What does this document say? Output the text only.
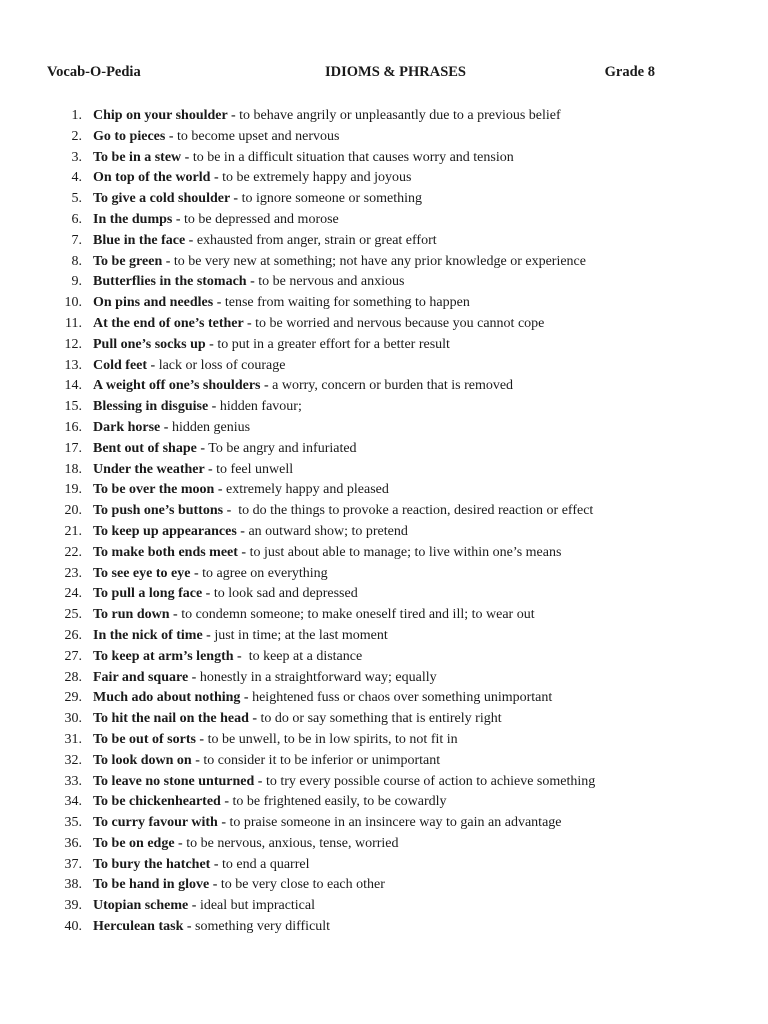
Vocab-O-Pedia	IDIOMS & PHRASES	Grade 8
1. Chip on your shoulder - to behave angrily or unpleasantly due to a previous belief
2. Go to pieces - to become upset and nervous
3. To be in a stew - to be in a difficult situation that causes worry and tension
4. On top of the world - to be extremely happy and joyous
5. To give a cold shoulder - to ignore someone or something
6. In the dumps - to be depressed and morose
7. Blue in the face - exhausted from anger, strain or great effort
8. To be green - to be very new at something; not have any prior knowledge or experience
9. Butterflies in the stomach - to be nervous and anxious
10. On pins and needles - tense from waiting for something to happen
11. At the end of one’s tether - to be worried and nervous because you cannot cope
12. Pull one’s socks up - to put in a greater effort for a better result
13. Cold feet - lack or loss of courage
14. A weight off one’s shoulders - a worry, concern or burden that is removed
15. Blessing in disguise - hidden favour;
16. Dark horse - hidden genius
17. Bent out of shape - To be angry and infuriated
18. Under the weather - to feel unwell
19. To be over the moon - extremely happy and pleased
20. To push one’s buttons -  to do the things to provoke a reaction, desired reaction or effect
21. To keep up appearances - an outward show; to pretend
22. To make both ends meet - to just about able to manage; to live within one’s means
23. To see eye to eye - to agree on everything
24. To pull a long face - to look sad and depressed
25. To run down - to condemn someone; to make oneself tired and ill; to wear out
26. In the nick of time - just in time; at the last moment
27. To keep at arm’s length -  to keep at a distance
28. Fair and square - honestly in a straightforward way; equally
29. Much ado about nothing - heightened fuss or chaos over something unimportant
30. To hit the nail on the head - to do or say something that is entirely right
31. To be out of sorts - to be unwell, to be in low spirits, to not fit in
32. To look down on - to consider it to be inferior or unimportant
33. To leave no stone unturned - to try every possible course of action to achieve something
34. To be chickenhearted - to be frightened easily, to be cowardly
35. To curry favour with - to praise someone in an insincere way to gain an advantage
36. To be on edge - to be nervous, anxious, tense, worried
37. To bury the hatchet - to end a quarrel
38. To be hand in glove - to be very close to each other
39. Utopian scheme - ideal but impractical
40. Herculean task - something very difficult
